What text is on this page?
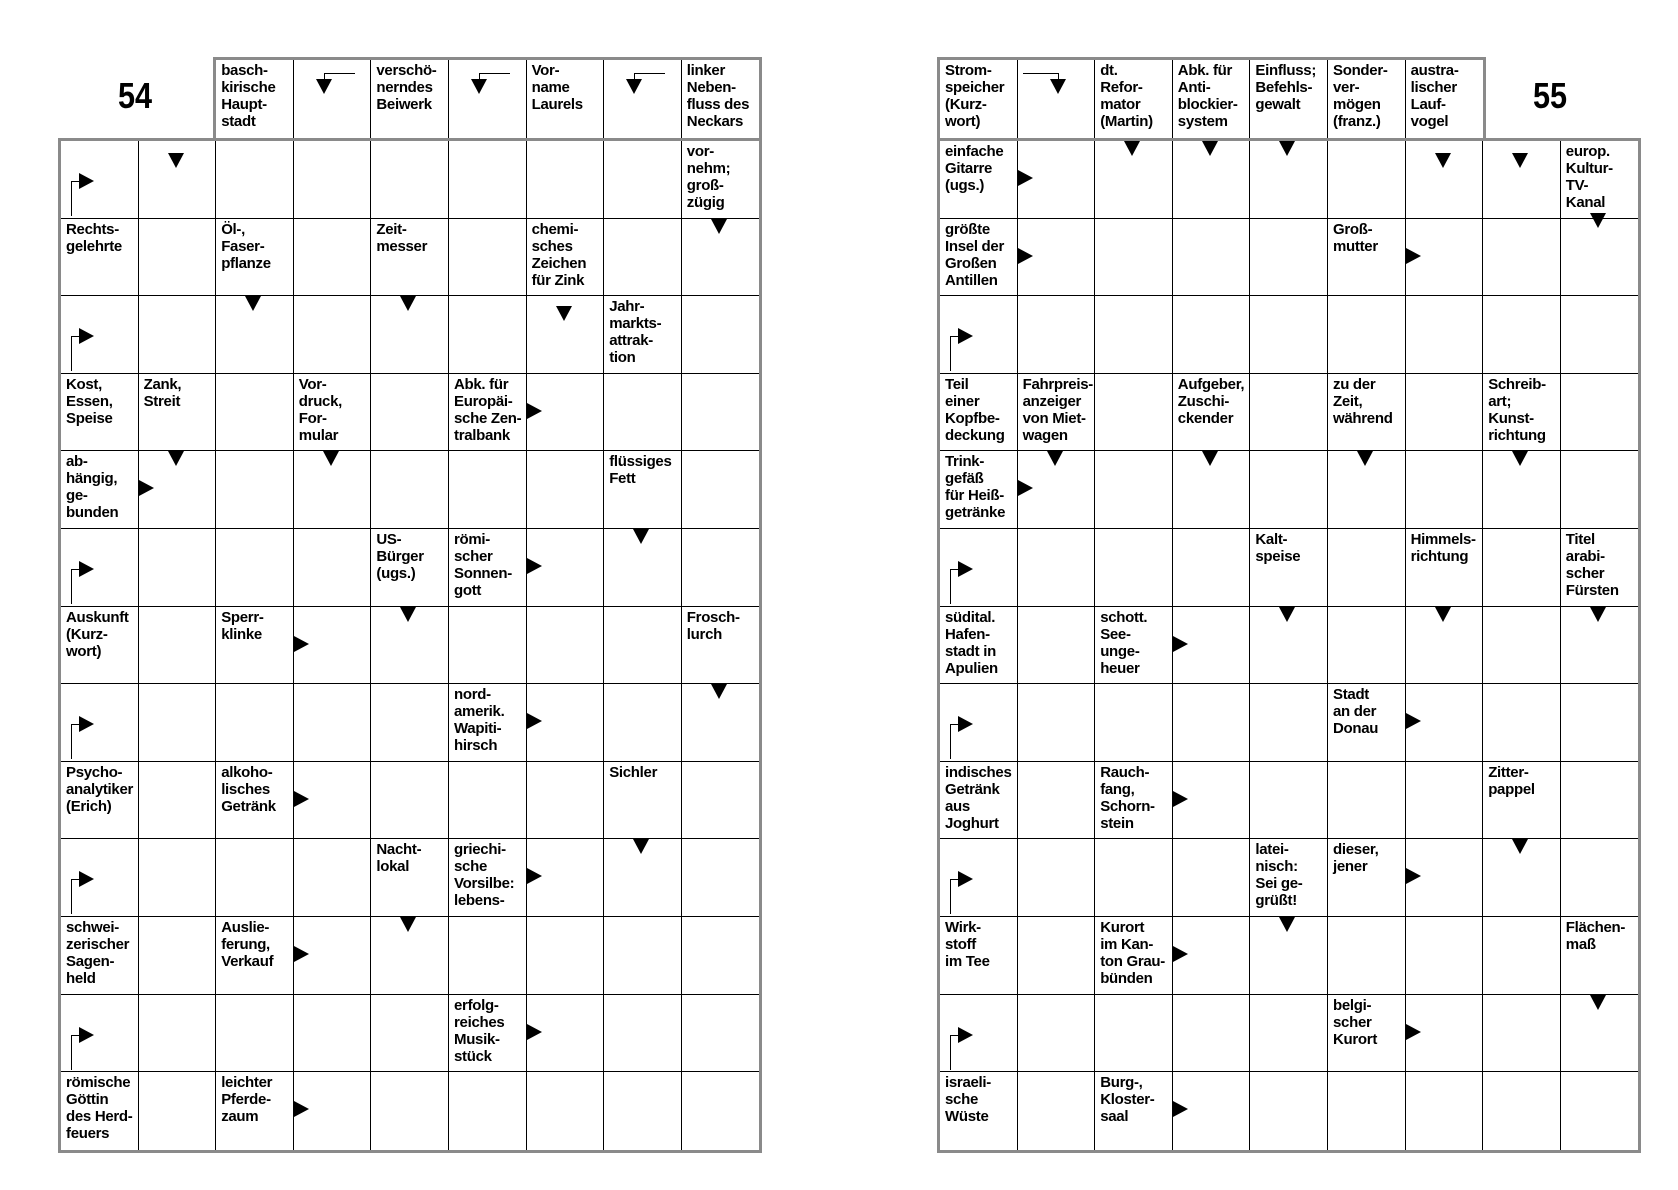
54	55
basch-
kirische
Haupt-
stadt
verschö-
nerndes
Beiwerk
Vor-
name
Laurels
linker
Neben-
fluss des
Neckars
vor-
nehm;
groß-
zügig
Rechts-
gelehrte
Öl-,
Faser-
pflanze
Zeit-
messer
chemi-
sches
Zeichen
für Zink
Jahr-
markts-
attrak-
tion
Kost,
Essen,
Speise
Zank,
Streit
Vor-
druck,
For-
mular
Abk. für
Europäi-
sche Zen-
tralbank
ab-
hängig,
ge-
bunden
flüssiges
Fett
US-
Bürger
(ugs.)
römi-
scher
Sonnen-
gott
Auskunft
(Kurz-
wort)
Sperr-
klinke
Frosch-
lurch
nord-
amerik.
Wapiti-
hirsch
Psycho-
analytiker
(Erich)
alkoho-
lisches
Getränk
Sichler
Nacht-
lokal
griechi-
sche
Vorsilbe:
lebens-
schwei-
zerischer
Sagen-
held
Auslie-
ferung,
Verkauf
erfolg-
reiches
Musik-
stück
römische
Göttin
des Herd-
feuers
leichter
Pferde-
zaum
Strom-
speicher
(Kurz-
wort)
dt.
Refor-
mator
(Martin)
Abk. für
Anti-
blockier-
system
Einfluss;
Befehls-
gewalt
Sonder-
ver-
mögen
(franz.)
austra-
lischer
Lauf-
vogel
einfache
Gitarre
(ugs.)
europ.
Kultur-
TV-
Kanal
größte
Insel der
Großen
Antillen
Groß-
mutter
Teil
einer
Kopfbe-
deckung
Fahrpreis-
anzeiger
von Miet-
wagen
Aufgeber,
Zuschi-
ckender
zu der
Zeit,
während
Schreib-
art;
Kunst-
richtung
Trink-
gefäß
für Heiß-
getränke
Kalt-
speise
Himmels-
richtung
Titel
arabi-
scher
Fürsten
südital.
Hafen-
stadt in
Apulien
schott.
See-
unge-
heuer
Stadt
an der
Donau
indisches
Getränk
aus
Joghurt
Rauch-
fang,
Schorn-
stein
Zitter-
pappel
latei-
nisch:
Sei ge-
grüßt!
dieser,
jener
Wirk-
stoff
im Tee
Kurort
im Kan-
ton Grau-
bünden
Flächen-
maß
belgi-
scher
Kurort
israeli-
sche
Wüste
Burg-,
Kloster-
saal
